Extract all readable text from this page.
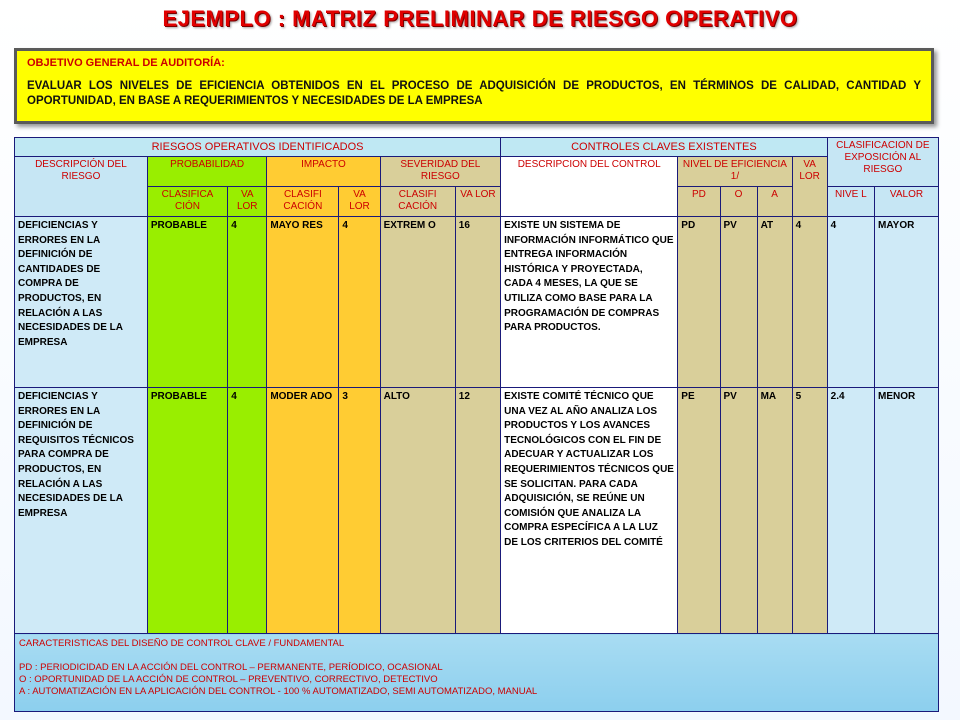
EJEMPLO : MATRIZ PRELIMINAR DE RIESGO OPERATIVO
OBJETIVO GENERAL DE AUDITORÍA:
EVALUAR LOS NIVELES DE EFICIENCIA OBTENIDOS EN EL PROCESO DE ADQUISICIÓN DE PRODUCTOS, EN TÉRMINOS DE CALIDAD, CANTIDAD Y OPORTUNIDAD, EN BASE A REQUERIMIENTOS Y NECESIDADES DE LA EMPRESA
RIESGOS OPERATIVOS IDENTIFICADOS							CONTROLES CLAVES EXISTENTES					CLASIFICACION DE EXPOSICIÓN AL RIESGO	
DESCRIPCIÓN DEL RIESGO	PROBABILIDAD		IMPACTO		SEVERIDAD DEL RIESGO		DESCRIPCION DEL CONTROL	NIVEL DE EFICIENCIA 1/			VA LOR		
	CLASIFICA CIÓN	VA LOR	CLASIFI CACIÓN	VA LOR	CLASIFI CACIÓN	VA LOR		PD	O	A		NIVE L	VALOR
DEFICIENCIAS Y ERRORES EN LA DEFINICIÓN DE CANTIDADES DE COMPRA DE PRODUCTOS, EN RELACIÓN A LAS NECESIDADES DE LA EMPRESA	PROBABLE	4	MAYO RES	4	EXTREM O	16	EXISTE UN SISTEMA DE INFORMACIÓN INFORMÁTICO QUE ENTREGA INFORMACIÓN HISTÓRICA Y PROYECTADA, CADA 4 MESES, LA QUE SE UTILIZA COMO BASE PARA LA PROGRAMACIÓN DE COMPRAS PARA PRODUCTOS.	PD	PV	AT	4	4	MAYOR
DEFICIENCIAS Y ERRORES EN LA DEFINICIÓN DE REQUISITOS TÉCNICOS PARA COMPRA DE PRODUCTOS, EN RELACIÓN A LAS NECESIDADES DE LA EMPRESA	PROBABLE	4	MODER ADO	3	ALTO	12	EXISTE COMITÉ TÉCNICO QUE UNA VEZ AL AÑO ANALIZA LOS PRODUCTOS Y LOS AVANCES TECNOLÓGICOS CON EL FIN DE ADECUAR Y ACTUALIZAR LOS REQUERIMIENTOS TÉCNICOS QUE SE SOLICITAN. PARA CADA ADQUISICIÓN, SE REÚNE UN COMISIÓN QUE ANALIZA LA COMPRA ESPECÍFICA A LA LUZ DE LOS CRITERIOS DEL COMITÉ	PE	PV	MA	5	2.4	MENOR

CARACTERISTICAS DEL DISEÑO DE CONTROL CLAVE / FUNDAMENTAL
PD : PERIODICIDAD EN LA ACCIÓN DEL CONTROL – PERMANENTE, PERÍODICO, OCASIONAL
O : OPORTUNIDAD DE LA ACCIÓN DE CONTROL – PREVENTIVO, CORRECTIVO, DETECTIVO
A : AUTOMATIZACIÓN EN LA APLICACIÓN DEL CONTROL - 100 % AUTOMATIZADO, SEMI AUTOMATIZADO, MANUAL													
